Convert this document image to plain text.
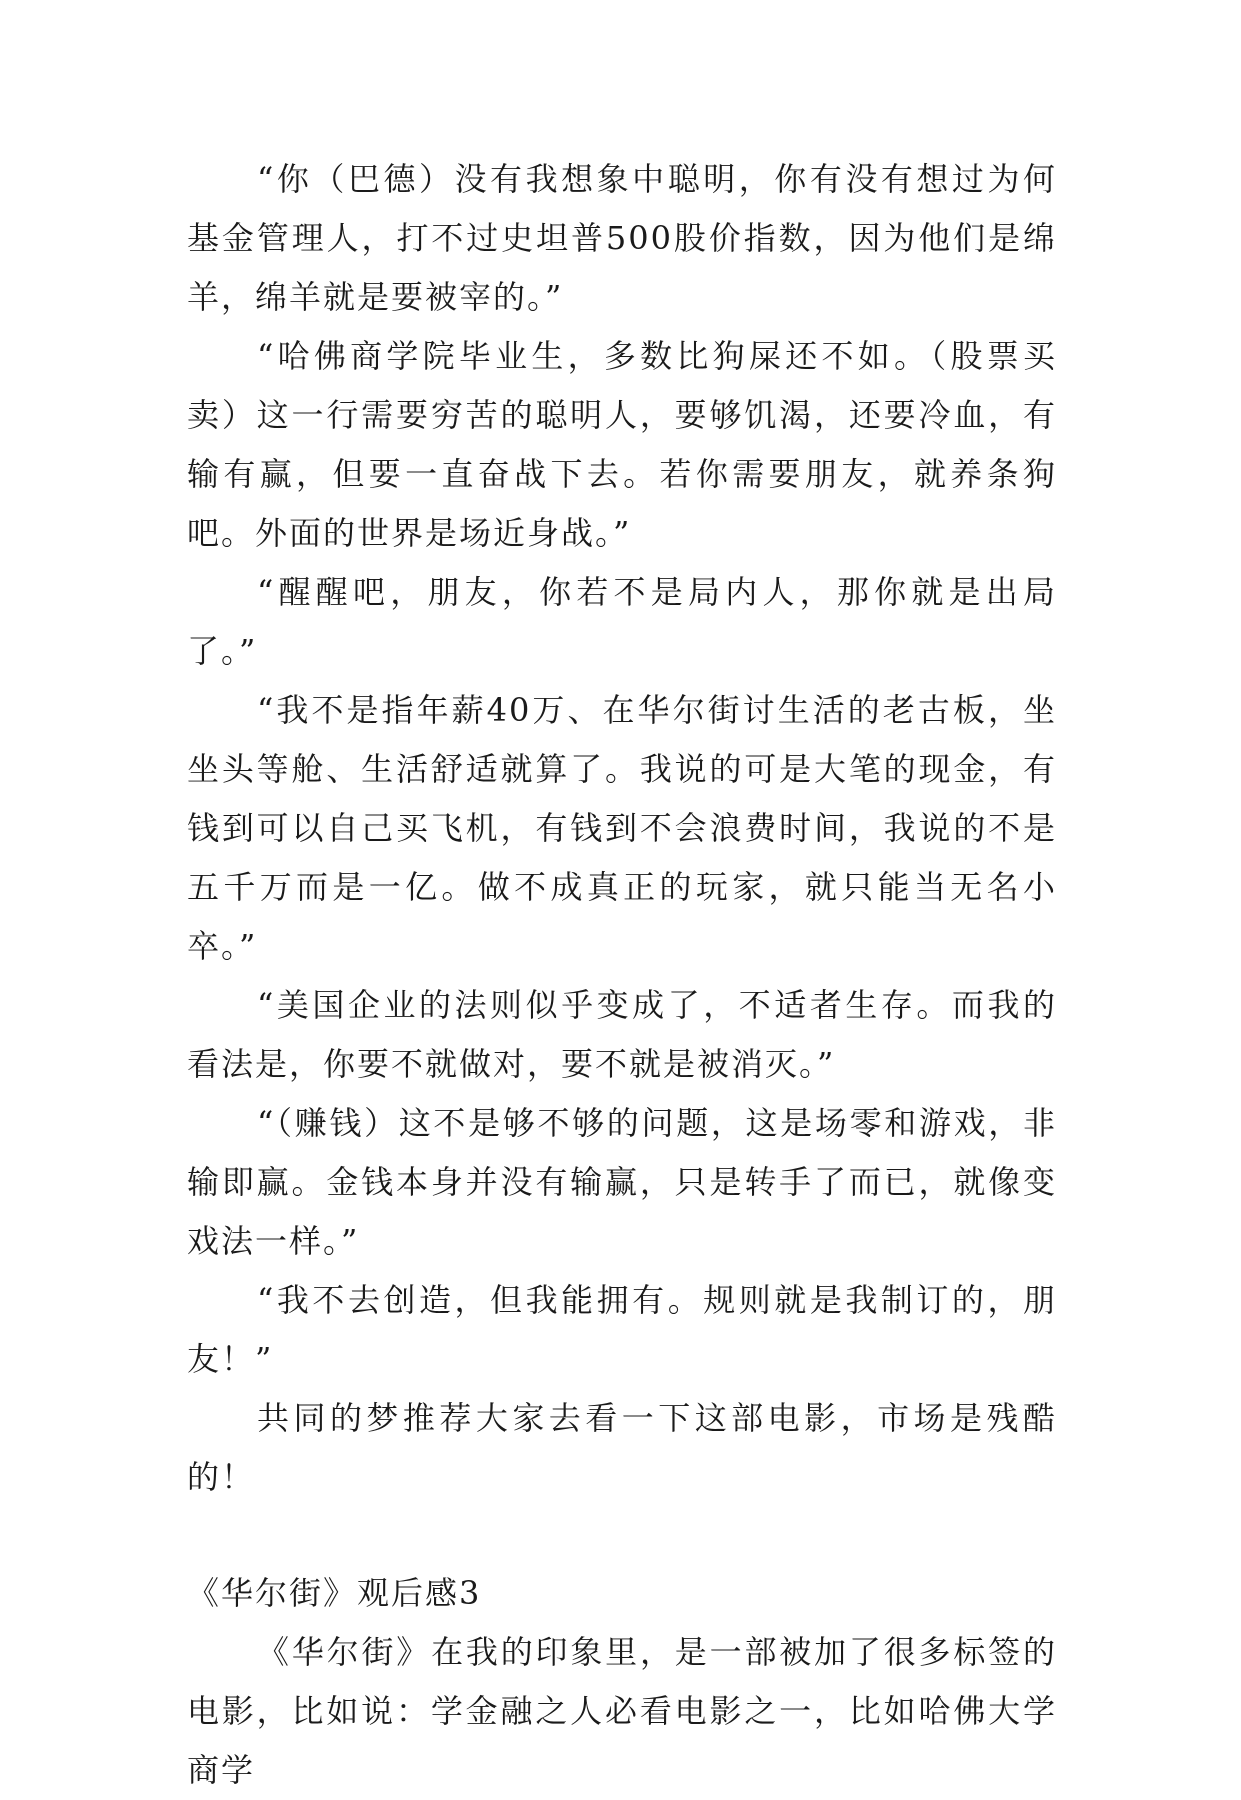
“你（巴德）没有我想象中聪明，你有没有想过为何基金管理人，打不过史坦普500股价指数，因为他们是绵羊，绵羊就是要被宰的。”

“哈佛商学院毕业生，多数比狗屎还不如。（股票买卖）这一行需要穷苦的聪明人，要够饥渴，还要冷血，有输有赢，但要一直奋战下去。若你需要朋友，就养条狗吧。外面的世界是场近身战。”

“醒醒吧，朋友，你若不是局内人，那你就是出局了。”

“我不是指年薪40万、在华尔街讨生活的老古板，坐坐头等舱、生活舒适就算了。我说的可是大笔的现金，有钱到可以自己买飞机，有钱到不会浪费时间，我说的不是五千万而是一亿。做不成真正的玩家，就只能当无名小卒。”

“美国企业的法则似乎变成了，不适者生存。而我的看法是，你要不就做对，要不就是被消灭。”

“（赚钱）这不是够不够的问题，这是场零和游戏，非输即赢。金钱本身并没有输赢，只是转手了而已，就像变戏法一样。”

“我不去创造，但我能拥有。规则就是我制订的，朋友！”

共同的梦推荐大家去看一下这部电影，市场是残酷的！

《华尔街》观后感3

《华尔街》在我的印象里，是一部被加了很多标签的电影，比如说：学金融之人必看电影之一，比如哈佛大学商学
